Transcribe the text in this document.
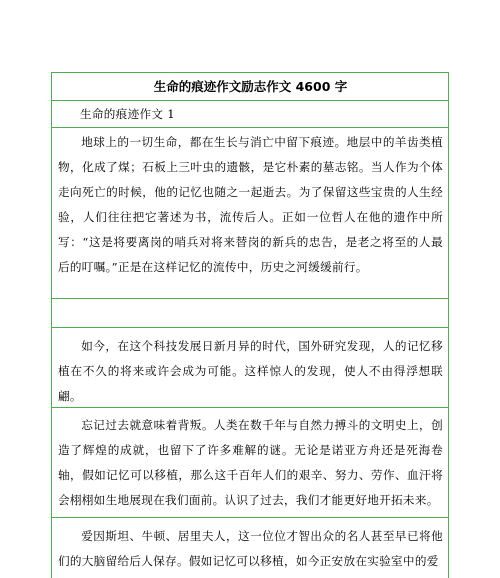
生命的痕迹作文励志作文 4600 字
生命的痕迹作文 1

地球上的一切生命，都在生长与消亡中留下痕迹。地层中的羊齿类植物，化成了煤；石板上三叶虫的遗骸，是它朴素的墓志铭。当人作为个体走向死亡的时候，他的记忆也随之一起逝去。为了保留这些宝贵的人生经验，人们往往把它著述为书，流传后人。正如一位哲人在他的遗作中所写：“这是将要离岗的哨兵对将来替岗的新兵的忠告，是老之将至的人最后的叮嘱。”正是在这样记忆的流传中，历史之河缓缓前行。

如今，在这个科技发展日新月异的时代，国外研究发现，人的记忆移植在不久的将来或许会成为可能。这样惊人的发现，使人不由得浮想联翩。

忘记过去就意味着背叛。人类在数千年与自然力搏斗的文明史上，创造了辉煌的成就，也留下了许多难解的谜。无论是诺亚方舟还是死海卷轴，假如记忆可以移植，那么这千百年人们的艰辛、努力、劳作、血汗将会栩栩如生地展现在我们面前。认识了过去，我们才能更好地开拓未来。

爱因斯坦、牛顿、居里夫人，这一位位才智出众的名人甚至早已将他们的大脑留给后人保存。假如记忆可以移植，如今正安放在实验室中的爱
